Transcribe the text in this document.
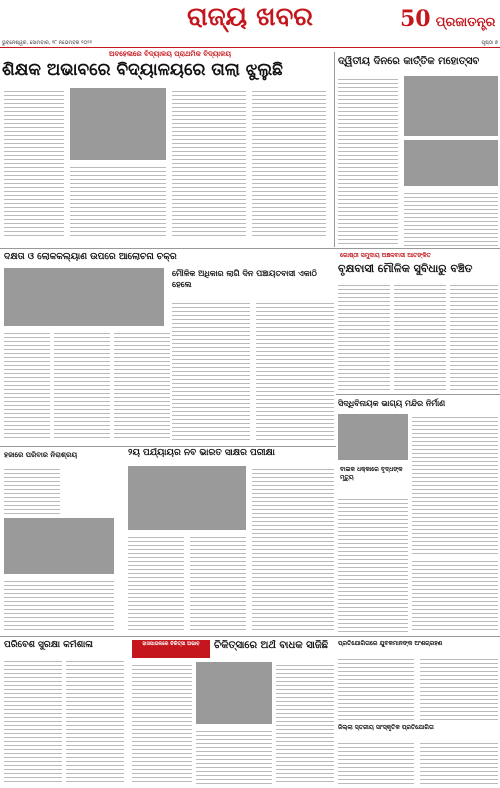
ରାଜ୍ୟ ଖବର	50 ପ୍ରଜାତନ୍ତ୍ର
ଭୁବନେଶ୍ୱର, ସୋମବାର, ୨୮ ନଭେମ୍ବର ୨୦୨୨	ପୃଷ୍ଠା ୭
ଅବହେଳାରେ ବିଦ୍ୟାଳୟ ପ୍ରାଥମିକ ବିଦ୍ୟାଳୟ
ଶିକ୍ଷକ ଅଭାବରେ ବିଦ୍ୟାଳୟରେ ତାଲା ଝୁଲୁଛି	ଦ୍ୱିତୀୟ ଦିନରେ କାର୍ତ୍ତିକ ମହୋତ୍ସବ
ଦକ୍ଷତା ଓ ଲୋକକଲ୍ୟାଣ ଉପରେ ଆଲୋଚନା ଚକ୍ର
ମୌଳିକ ଅଧିକାର ଲାଗି ଦିନ ପଞ୍ଚାୟତବାସୀ ଏକାଠି ହେଲେ
ଗୋଷ୍ଠୀ ସମୁଦାୟ ଅଞ୍ଚଳବାସୀ ଆତଙ୍କିତ
ବୃକ୍ଷବାସୀ ମୌଳିକ ସୁବିଧାରୁ ବଞ୍ଚିତ
ସିଦ୍ଧିବିନାୟକ ଭାଗ୍ୟ ମନ୍ଦିର ନିର୍ମାଣ
ହଜାରେ ପରିବାର ନିରାଶ୍ରୟ	୨ୟ ପର୍ଯ୍ୟାୟର ନବ ଭାରତ ସାକ୍ଷର ପରୀକ୍ଷା
ବାଇକ ଧକ୍କାରେ ବୃଦ୍ଧଙ୍କ ମୃତ୍ୟୁ
ପରିବେଶ ସୁରକ୍ଷା କର୍ମଶାଳା	ହାସପାତାଳରେ ଚିକିତ୍ସା ଅଭାବ	ଚିକିତ୍ସାରେ ଅର୍ଥ ବାଧକ ସାଜିଛି	ପ୍ରତିଯୋଗିତାରେ ଯୁବକମାନଙ୍କ ଅଂଶଗ୍ରହଣ
ଜିଲ୍ଲା ସ୍ତରୀୟ ସାଂସ୍କୃତିକ ପ୍ରତିଯୋଗିତା
